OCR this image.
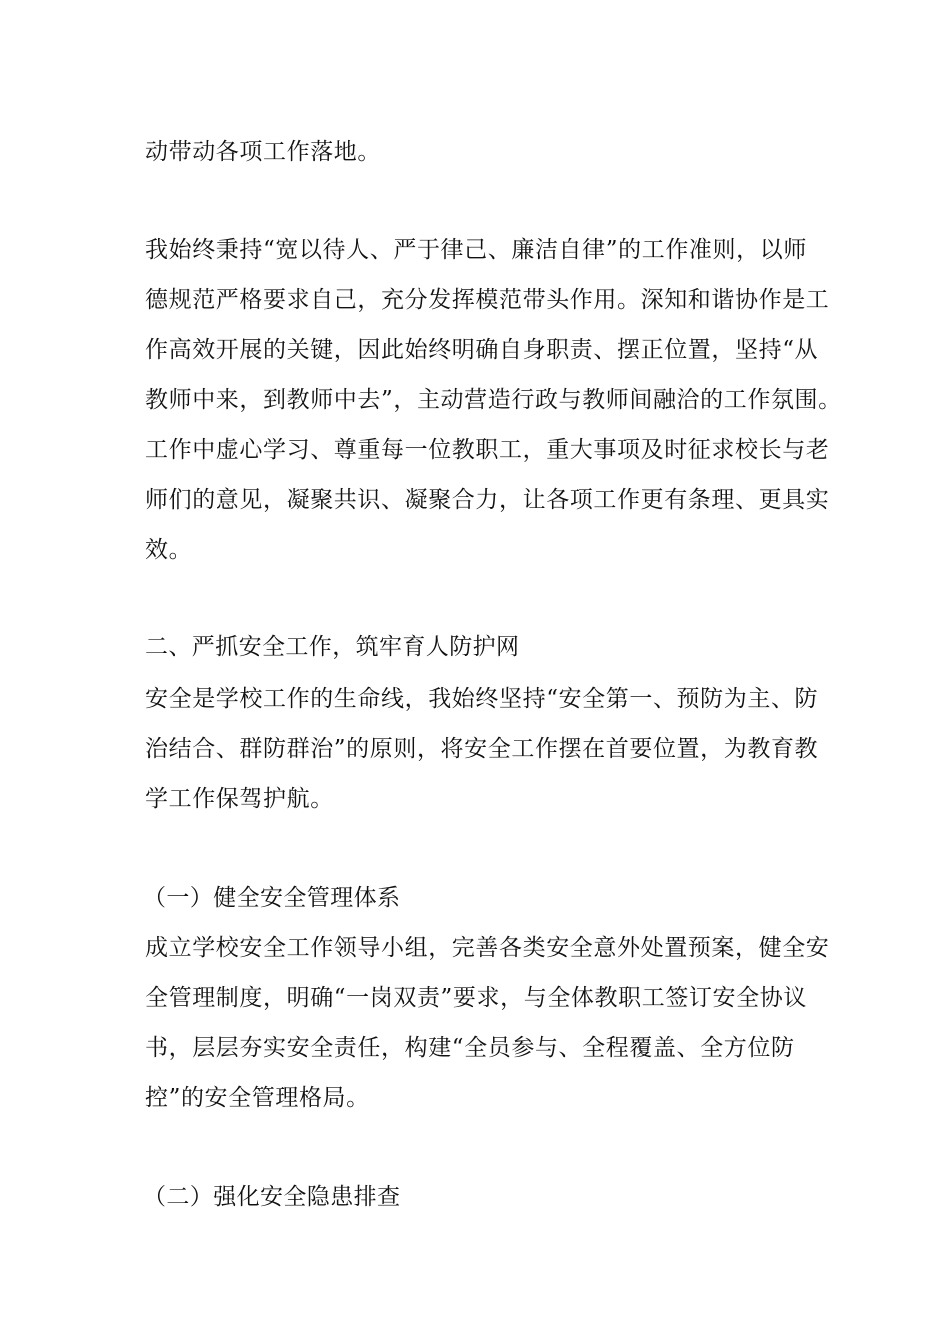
动带动各项工作落地。
我始终秉持“宽以待人、严于律己、廉洁自律”的工作准则，以师
德规范严格要求自己，充分发挥模范带头作用。深知和谐协作是工
作高效开展的关键，因此始终明确自身职责、摆正位置，坚持“从
教师中来，到教师中去”，主动营造行政与教师间融洽的工作氛围。
工作中虚心学习、尊重每一位教职工，重大事项及时征求校长与老
师们的意见，凝聚共识、凝聚合力，让各项工作更有条理、更具实
效。
二、严抓安全工作，筑牢育人防护网
安全是学校工作的生命线，我始终坚持“安全第一、预防为主、防
治结合、群防群治”的原则，将安全工作摆在首要位置，为教育教
学工作保驾护航。
（一）健全安全管理体系
成立学校安全工作领导小组，完善各类安全意外处置预案，健全安
全管理制度，明确“一岗双责”要求，与全体教职工签订安全协议
书，层层夯实安全责任，构建“全员参与、全程覆盖、全方位防
控”的安全管理格局。
（二）强化安全隐患排查
